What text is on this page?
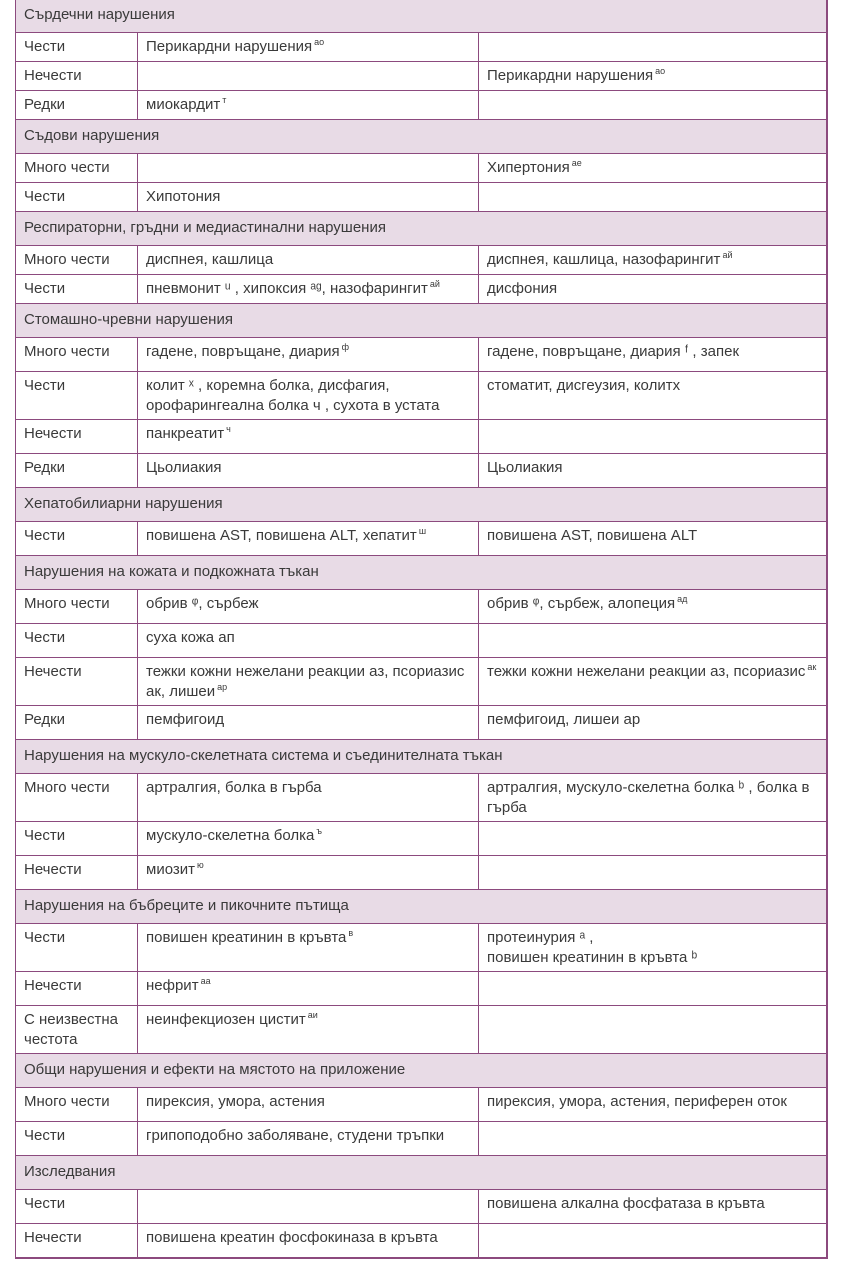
Сърдечни нарушения		
Чести	Перикардни нарушения $^{ао}$	
Нечести		Перикардни нарушения $^{ао}$
Редки	миокардит $^т$	
Съдови нарушения		
Много чести		Хипертония $^{ае}$
Чести	Хипотония	
Респираторни, гръдни и медиастинални нарушения		
Много чести	диспнея, кашлица	диспнея, кашлица, назофарингит $^{ай}$
Чести	пневмонит ᵘ , хипоксия ᵃᵍ, назофарингит $^{ай}$	дисфония
Стомашно-чревни нарушения		
Много чести	гадене, повръщане, диария $^ф$	гадене, повръщане, диария ᶠ , запек
Чести	колит ˣ , коремна болка, дисфагия, орофарингеална болка ч , сухота в устата	стоматит, дисгеузия, колитх
Нечести	панкреатит $^ч$	
Редки	Цьолиакия	Цьолиакия
Хепатобилиарни нарушения		
Чести	повишена AST, повишена ALT, хепатит $^ш$	повишена AST, повишена ALT
Нарушения на кожата и подкожната тъкан		
Много чести	обрив ᵠ, сърбеж	обрив ᵠ, сърбеж, алопеция $^{ад}$
Чести	суха кожа ап	
Нечести	тежки кожни нежелани реакции аз, псориазис ак, лишеи $^{ар}$	тежки кожни нежелани реакции аз, псориазис $^{ак}$
Редки	пемфигоид	пемфигоид, лишеи ар
Нарушения на мускуло-скелетната система и съединителната тъкан		
Много чести	артралгия, болка в гърба	артралгия, мускуло-скелетна болка ᵇ , болка в гърба
Чести	мускуло-скелетна болка $^ъ$	
Нечести	миозит $^ю$	
Нарушения на бъбреците и пикочните пътища		
Чести	повишен креатинин в кръвта $^в$	протеинурия ᵃ ,
повишен креатинин в кръвта ᵇ
Нечести	нефрит $^{аа}$	
С неизвестна честота	неинфекциозен цистит $^{аи}$	
Общи нарушения и ефекти на мястото на приложение		
Много чести	пирексия, умора, астения	пирексия, умора, астения, периферен оток
Чести	грипоподобно заболяване, студени тръпки	
Изследвания		
Чести		повишена алкална фосфатаза в кръвта
Нечести	повишена креатин фосфокиназа в кръвта	
